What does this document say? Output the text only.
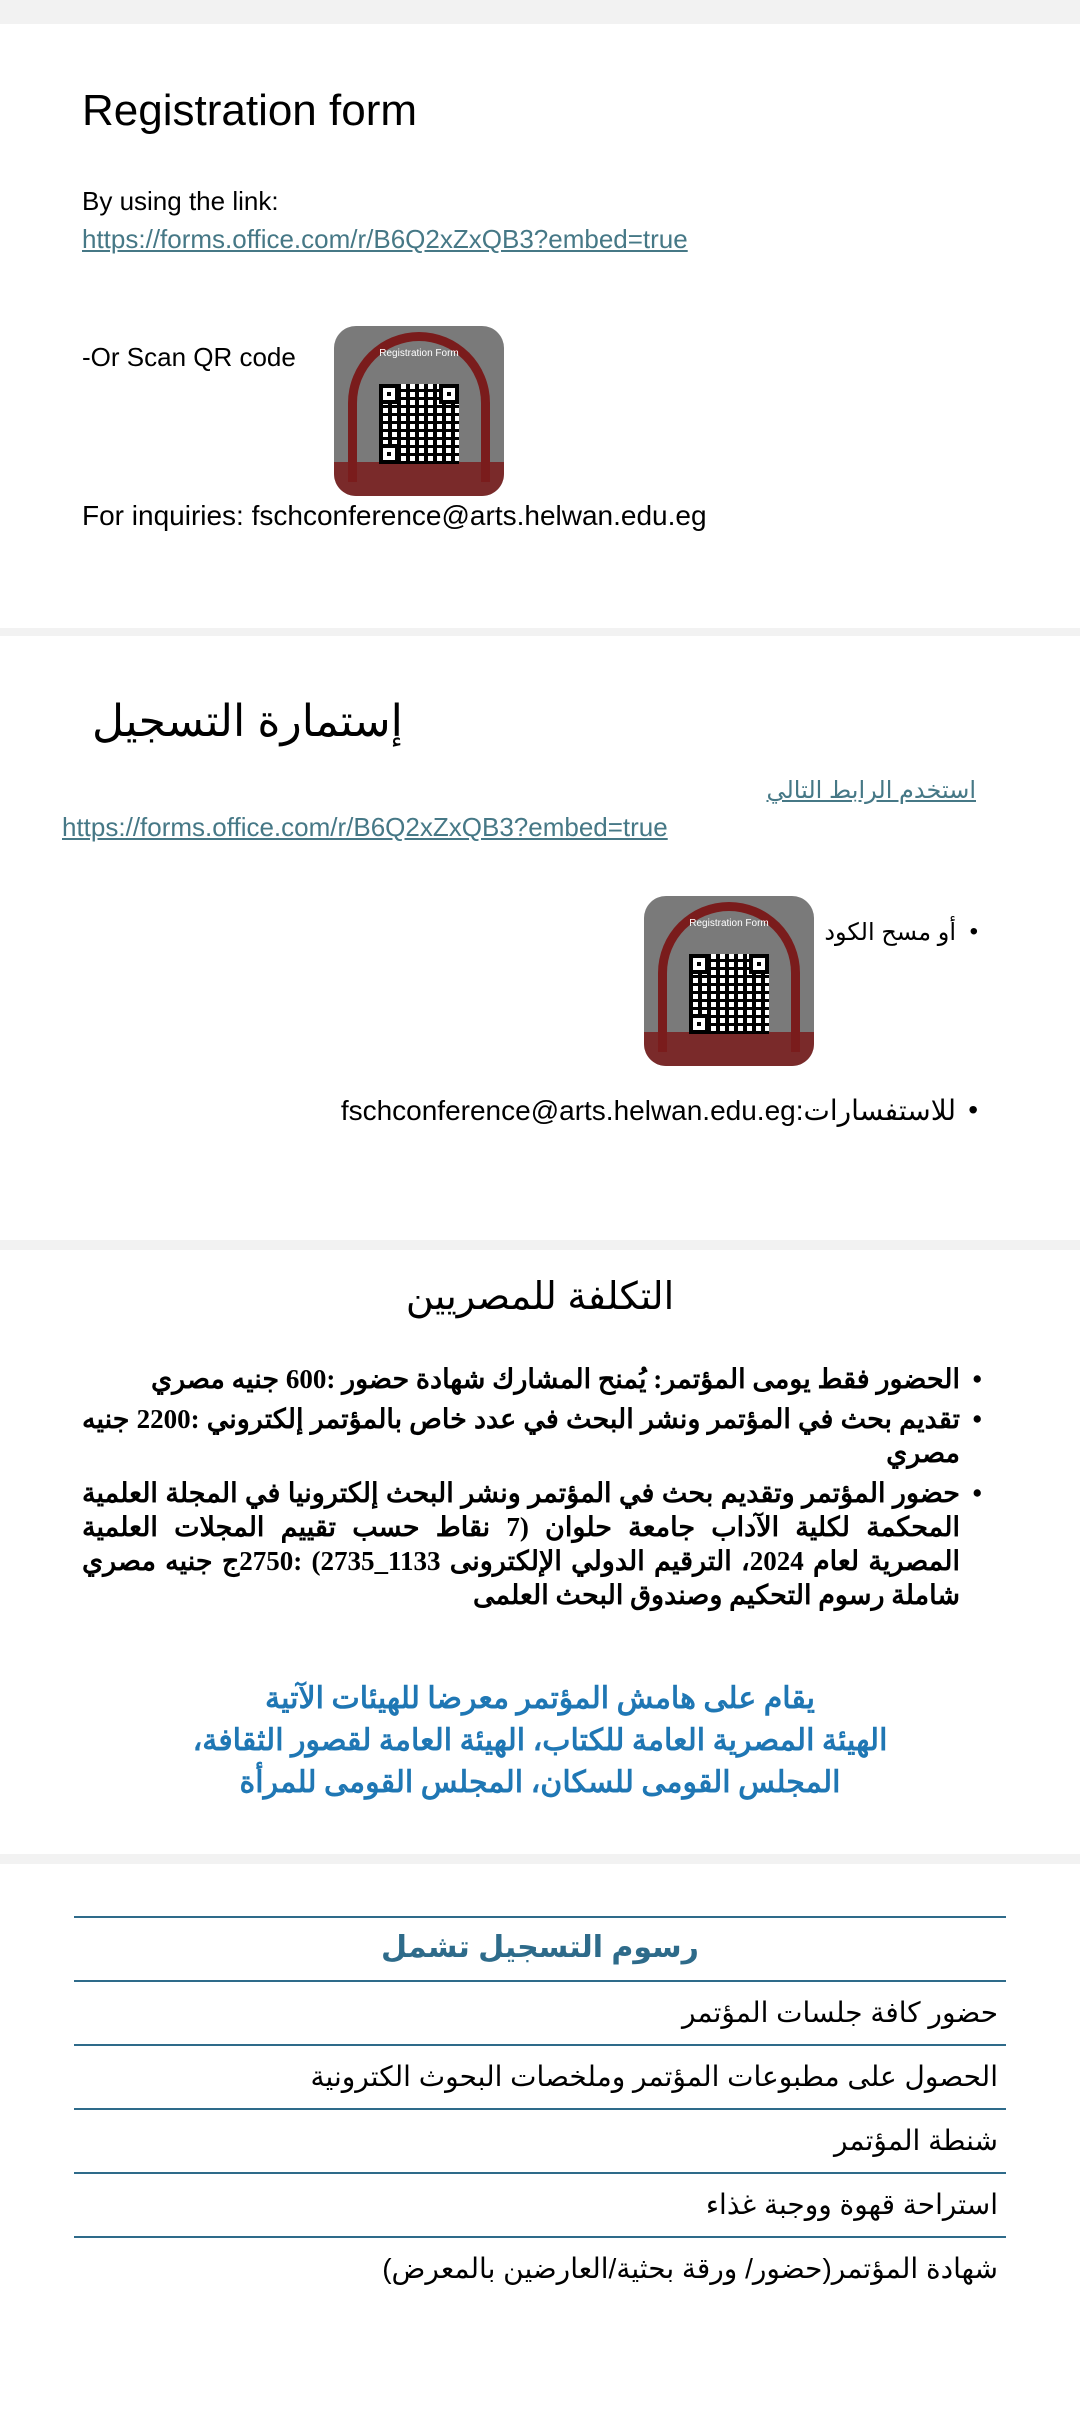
Registration form
By using the link:
https://forms.office.com/r/B6Q2xZxQB3?embed=true
-Or Scan QR code	Registration Form
For inquiries: fschconference@arts.helwan.edu.eg
إستمارة التسجيل
استخدم الرابط التالي
https://forms.office.com/r/B6Q2xZxQB3?embed=true
Registration Form
•	أو مسح الكود
• fschconference@arts.helwan.edu.eg:للاستفسارات
التكلفة للمصريين
• الحضور فقط يومى المؤتمر: يُمنح المشارك شهادة حضور :600 جنيه مصري
• تقديم بحث في المؤتمر ونشر البحث في عدد خاص بالمؤتمر إلكتروني :2200 جنيه مصري
• حضور المؤتمر وتقديم بحث في المؤتمر ونشر البحث إلكترونيا في المجلة العلمية المحكمة لكلية الآداب جامعة حلوان (7 نقاط حسب تقييم المجلات العلمية المصرية لعام 2024، الترقيم الدولي الإلكترونى 1133_2735) :2750ج جنيه مصري شاملة رسوم التحكيم وصندوق البحث العلمى
يقام على هامش المؤتمر معرضا للهيئات الآتية
الهيئة المصرية العامة للكتاب، الهيئة العامة لقصور الثقافة،
المجلس القومى للسكان، المجلس القومى للمرأة
رسوم التسجيل تشمل
حضور كافة جلسات المؤتمر
الحصول على مطبوعات المؤتمر وملخصات البحوث الكترونية
شنطة المؤتمر
استراحة قهوة ووجبة غذاء
شهادة المؤتمر(حضور/ ورقة بحثية/العارضين بالمعرض)
